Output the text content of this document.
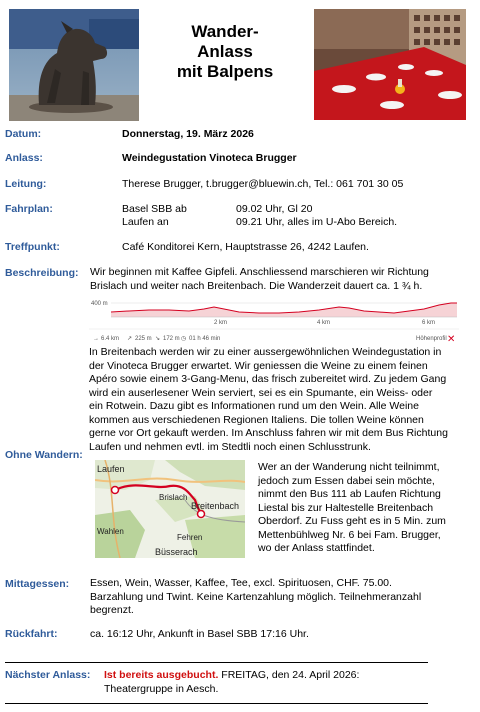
Wander-
Anlass
mit Balpens
Datum:	Donnerstag, 19. März 2026
Anlass:	Weindegustation Vinoteca Brugger
Leitung:	Therese Brugger, t.brugger@bluewin.ch, Tel.: 061 701 30 05
Fahrplan:	Basel SBB ab	09.02 Uhr, Gl 20
Laufen an	09.21 Uhr, alles im U-Abo Bereich.
Treffpunkt:	Café Konditorei Kern, Hauptstrasse 26, 4242 Laufen.
Beschreibung: Wir beginnen mit Kaffee Gipfeli. Anschliessend marschieren wir Richtung
Brislach und weiter nach Breitenbach. Die Wanderzeit dauert ca. 1 ¾ h.
400 m
2 km	4 km	6 km
→ 6.4 km ↗ 225 m ↘ 172 m ◷ 01 h 46 min	Höhenprofil ✕
In Breitenbach werden wir zu einer aussergewöhnlichen Weindegustation in
der Vinoteca Brugger erwartet. Wir geniessen die Weine zu einem feinen
Apéro sowie einem 3-Gang-Menu, das frisch zubereitet wird. Zu jedem Gang
wird ein auserlesener Wein serviert, sei es ein Spumante, ein Weiss- oder
ein Rotwein. Dazu gibt es Informationen rund um den Wein. Alle Weine
kommen aus verschiedenen Regionen Italiens. Die tollen Weine können
gerne vor Ort gekauft werden. Im Anschluss fahren wir mit dem Bus Richtung
Laufen und nehmen evtl. im Stedtli noch einen Schlusstrunk.
Ohne Wandern:
Laufen
Brislach
Breitenbach
Wahlen
Fehren
Büsserach
Wer an der Wanderung nicht teilnimmt,
jedoch zum Essen dabei sein möchte,
nimmt den Bus 111 ab Laufen Richtung
Liestal bis zur Haltestelle Breitenbach
Oberdorf. Zu Fuss geht es in 5 Min. zum
Mettenbühlweg Nr. 6 bei Fam. Brugger,
wo der Anlass stattfindet.
Mittagessen: Essen, Wein, Wasser, Kaffee, Tee, excl. Spirituosen, CHF. 75.00.
Barzahlung und Twint. Keine Kartenzahlung möglich. Teilnehmeranzahl
begrenzt.
Rückfahrt:	ca. 16:12 Uhr, Ankunft in Basel SBB 17:16 Uhr.
Nächster Anlass: Ist bereits ausgebucht. FREITAG, den 24. April 2026:
Theatergruppe in Aesch.
